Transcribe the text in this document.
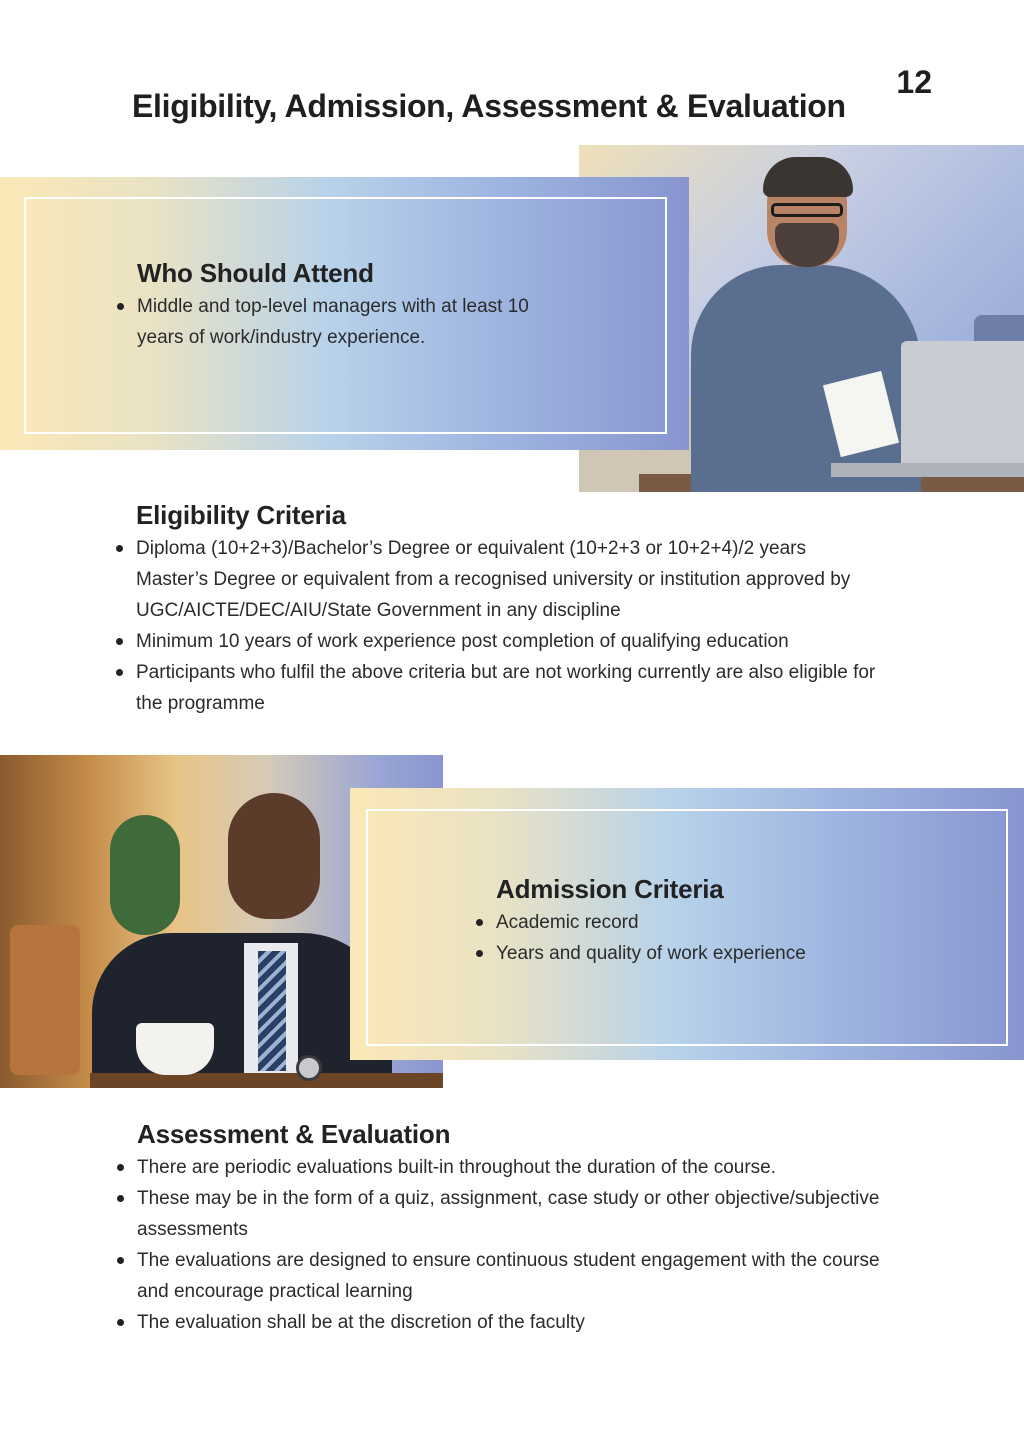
12
Eligibility, Admission, Assessment & Evaluation
Who Should Attend
Middle and top-level managers with at least 10 years of work/industry experience.
Eligibility Criteria
Diploma (10+2+3)/Bachelor’s Degree or equivalent (10+2+3 or 10+2+4)/2 years Master’s Degree or equivalent from a recognised university or institution approved by UGC/AICTE/DEC/AIU/State Government in any discipline
Minimum 10 years of work experience post completion of qualifying education
Participants who fulfil the above criteria but are not working currently are also eligible for the programme
Admission Criteria
Academic record
Years and quality of work experience
Assessment & Evaluation
There are periodic evaluations built-in throughout the duration of the course.
These may be in the form of a quiz, assignment, case study or other objective/subjective assessments
The evaluations are designed to ensure continuous student engagement with the course and encourage practical learning
The evaluation shall be at the discretion of the faculty
